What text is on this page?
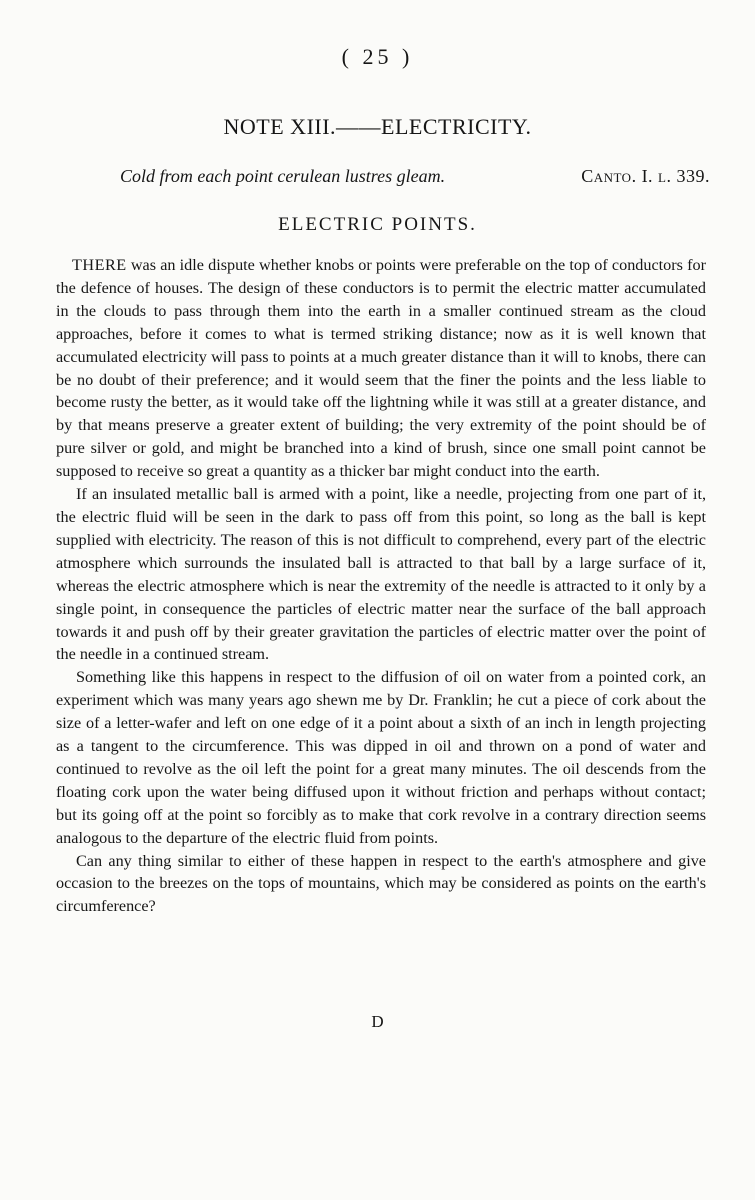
( 25 )
NOTE XIII.——ELECTRICITY.
Cold from each point cerulean lustres gleam.	Canto. I. l. 339.
ELECTRIC POINTS.

THERE was an idle dispute whether knobs or points were preferable on the top of conductors for the defence of houses. The design of these conductors is to permit the electric matter accumulated in the clouds to pass through them into the earth in a smaller continued stream as the cloud approaches, before it comes to what is termed striking distance; now as it is well known that accumulated electricity will pass to points at a much greater distance than it will to knobs, there can be no doubt of their preference; and it would seem that the finer the points and the less liable to become rusty the better, as it would take off the lightning while it was still at a greater distance, and by that means preserve a greater extent of building; the very extremity of the point should be of pure silver or gold, and might be branched into a kind of brush, since one small point cannot be supposed to receive so great a quantity as a thicker bar might conduct into the earth.

If an insulated metallic ball is armed with a point, like a needle, projecting from one part of it, the electric fluid will be seen in the dark to pass off from this point, so long as the ball is kept supplied with electricity. The reason of this is not difficult to comprehend, every part of the electric atmosphere which surrounds the insulated ball is attracted to that ball by a large surface of it, whereas the electric atmosphere which is near the extremity of the needle is attracted to it only by a single point, in consequence the particles of electric matter near the surface of the ball approach towards it and push off by their greater gravitation the particles of electric matter over the point of the needle in a continued stream.

Something like this happens in respect to the diffusion of oil on water from a pointed cork, an experiment which was many years ago shewn me by Dr. Franklin; he cut a piece of cork about the size of a letter-wafer and left on one edge of it a point about a sixth of an inch in length projecting as a tangent to the circumference. This was dipped in oil and thrown on a pond of water and continued to revolve as the oil left the point for a great many minutes. The oil descends from the floating cork upon the water being diffused upon it without friction and perhaps without contact; but its going off at the point so forcibly as to make that cork revolve in a contrary direction seems analogous to the departure of the electric fluid from points.

Can any thing similar to either of these happen in respect to the earth's atmosphere and give occasion to the breezes on the tops of mountains, which may be considered as points on the earth's circumference?

D
